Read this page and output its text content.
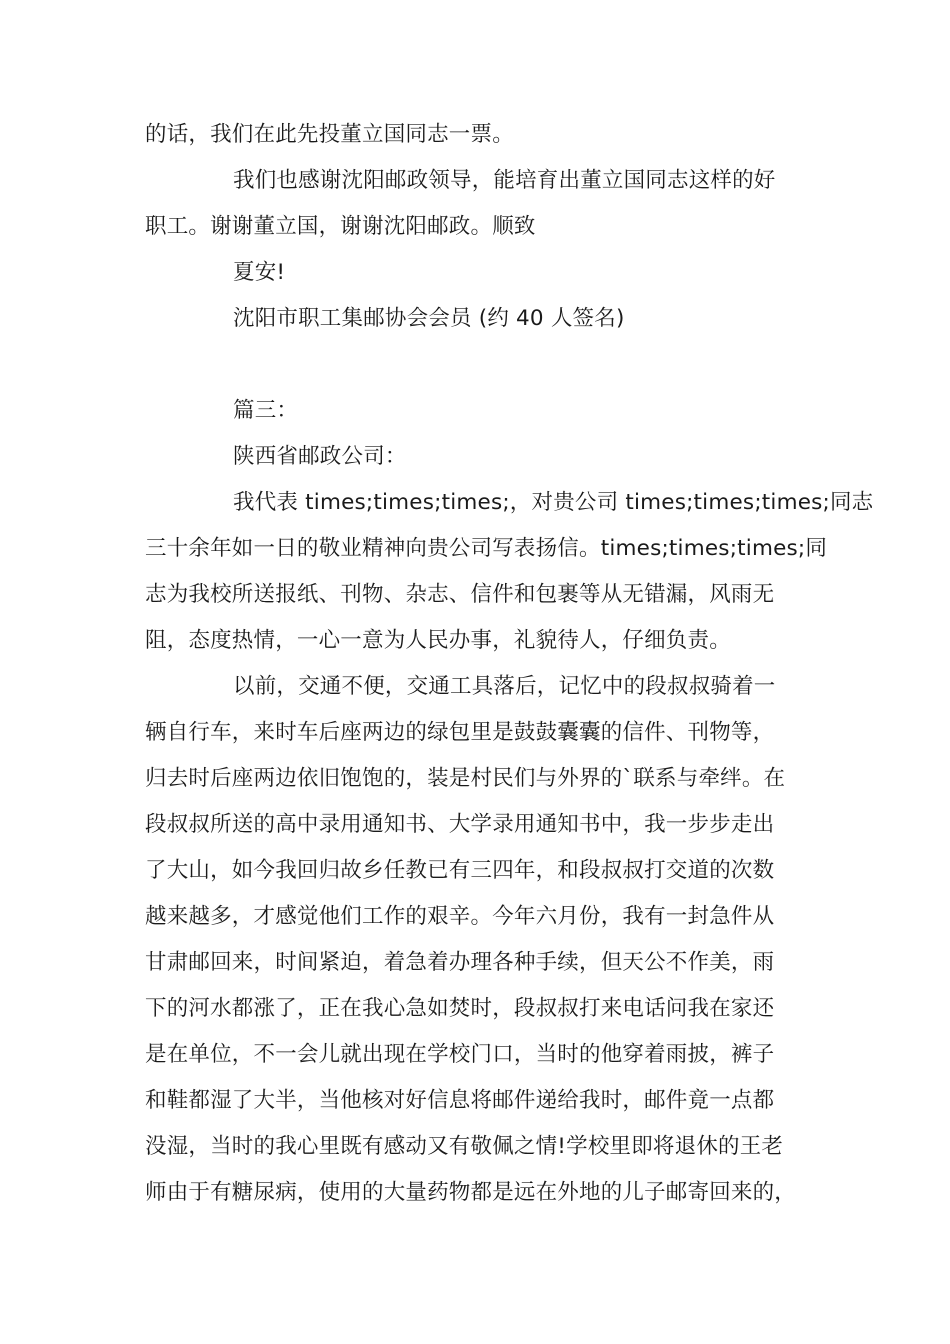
的话，我们在此先投董立国同志一票。
我们也感谢沈阳邮政领导，能培育出董立国同志这样的好
职工。谢谢董立国，谢谢沈阳邮政。顺致
夏安!
沈阳市职工集邮协会会员 (约 40 人签名)
篇三：
陕西省邮政公司：
我代表 times;times;times;，对贵公司 times;times;times;同志
三十余年如一日的敬业精神向贵公司写表扬信。times;times;times;同
志为我校所送报纸、刊物、杂志、信件和包裹等从无错漏，风雨无
阻，态度热情，一心一意为人民办事，礼貌待人，仔细负责。
以前，交通不便，交通工具落后，记忆中的段叔叔骑着一
辆自行车，来时车后座两边的绿包里是鼓鼓囊囊的信件、刊物等，
归去时后座两边依旧饱饱的，装是村民们与外界的`联系与牵绊。在
段叔叔所送的高中录用通知书、大学录用通知书中，我一步步走出
了大山，如今我回归故乡任教已有三四年，和段叔叔打交道的次数
越来越多，才感觉他们工作的艰辛。今年六月份，我有一封急件从
甘肃邮回来，时间紧迫，着急着办理各种手续，但天公不作美，雨
下的河水都涨了，正在我心急如焚时，段叔叔打来电话问我在家还
是在单位，不一会儿就出现在学校门口，当时的他穿着雨披，裤子
和鞋都湿了大半，当他核对好信息将邮件递给我时，邮件竟一点都
没湿，当时的我心里既有感动又有敬佩之情!学校里即将退休的王老
师由于有糖尿病，使用的大量药物都是远在外地的儿子邮寄回来的，
